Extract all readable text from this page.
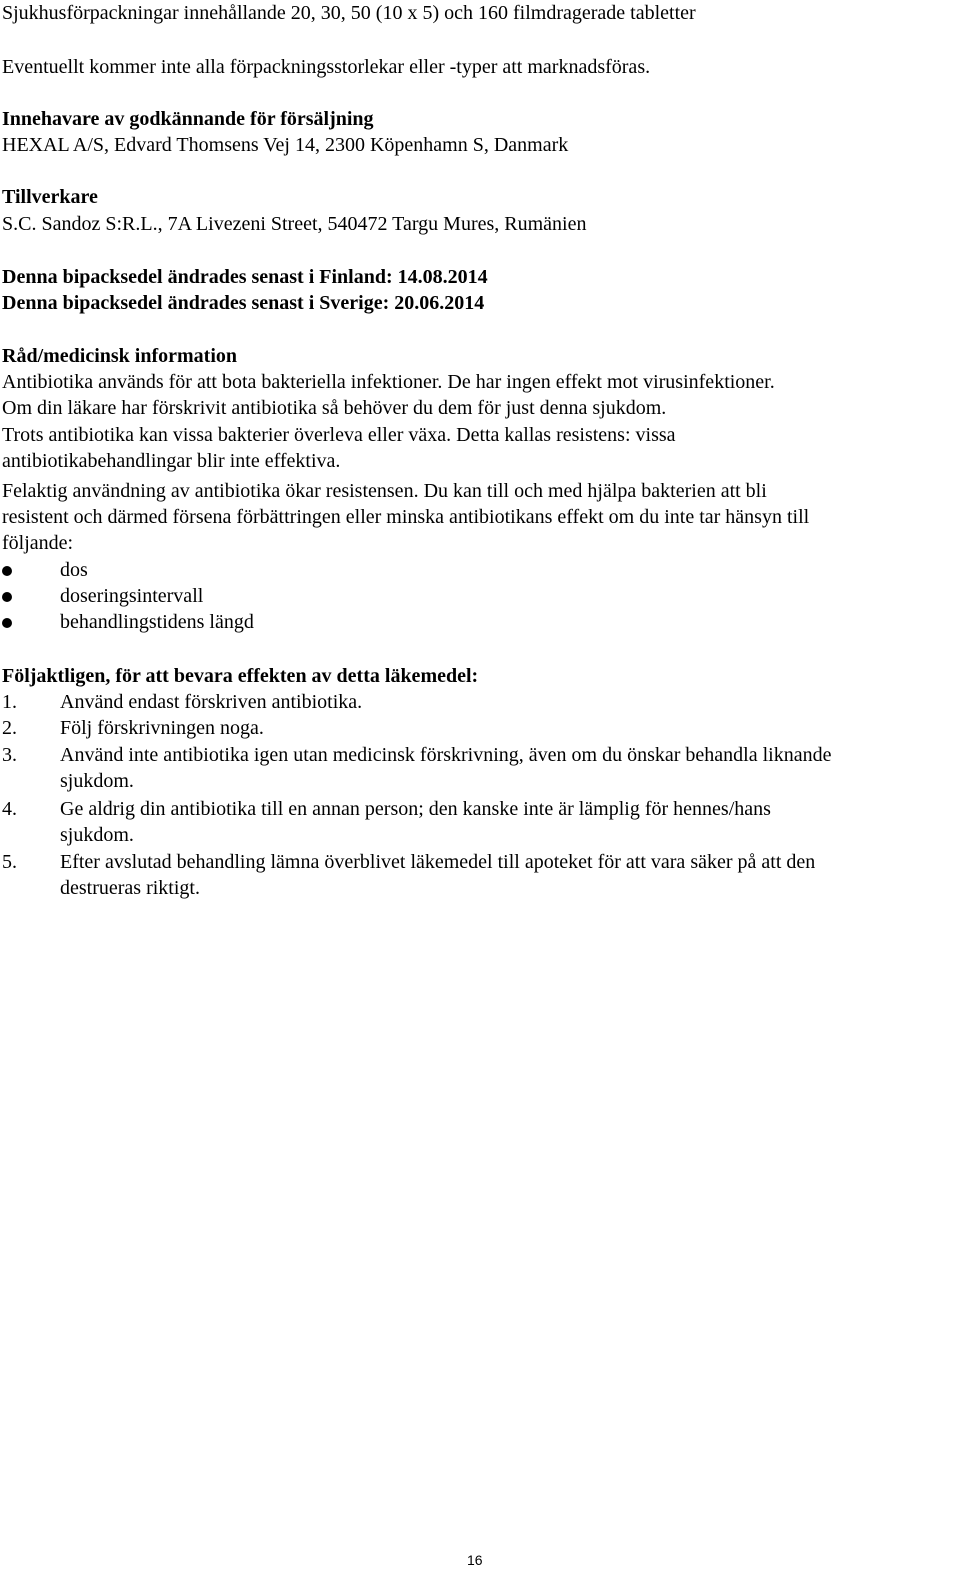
Sjukhusförpackningar innehållande 20, 30, 50 (10 x 5) och 160 filmdragerade tabletter

Eventuellt kommer inte alla förpackningsstorlekar eller -typer att marknadsföras.

Innehavare av godkännande för försäljning

HEXAL A/S, Edvard Thomsens Vej 14, 2300 Köpenhamn S, Danmark

Tillverkare

S.C. Sandoz S:R.L., 7A Livezeni Street, 540472 Targu Mures, Rumänien

Denna bipacksedel ändrades senast i Finland: 14.08.2014

Denna bipacksedel ändrades senast i Sverige: 20.06.2014

Råd/medicinsk information

Antibiotika används för att bota bakteriella infektioner. De har ingen effekt mot virusinfektioner.

Om din läkare har förskrivit antibiotika så behöver du dem för just denna sjukdom.

Trots antibiotika kan vissa bakterier överleva eller växa. Detta kallas resistens: vissa

antibiotikabehandlingar blir inte effektiva.

Felaktig användning av antibiotika ökar resistensen. Du kan till och med hjälpa bakterien att bli

resistent och därmed försena förbättringen eller minska antibiotikans effekt om du inte tar hänsyn till

följande:

dos
doseringsintervall
behandlingstidens längd

Följaktligen, för att bevara effekten av detta läkemedel:

1. Använd endast förskriven antibiotika.
2. Följ förskrivningen noga.
3. Använd inte antibiotika igen utan medicinsk förskrivning, även om du önskar behandla liknande
sjukdom.
4. Ge aldrig din antibiotika till en annan person; den kanske inte är lämplig för hennes/hans
sjukdom.
5. Efter avslutad behandling lämna överblivet läkemedel till apoteket för att vara säker på att den
destrueras riktigt.
16
